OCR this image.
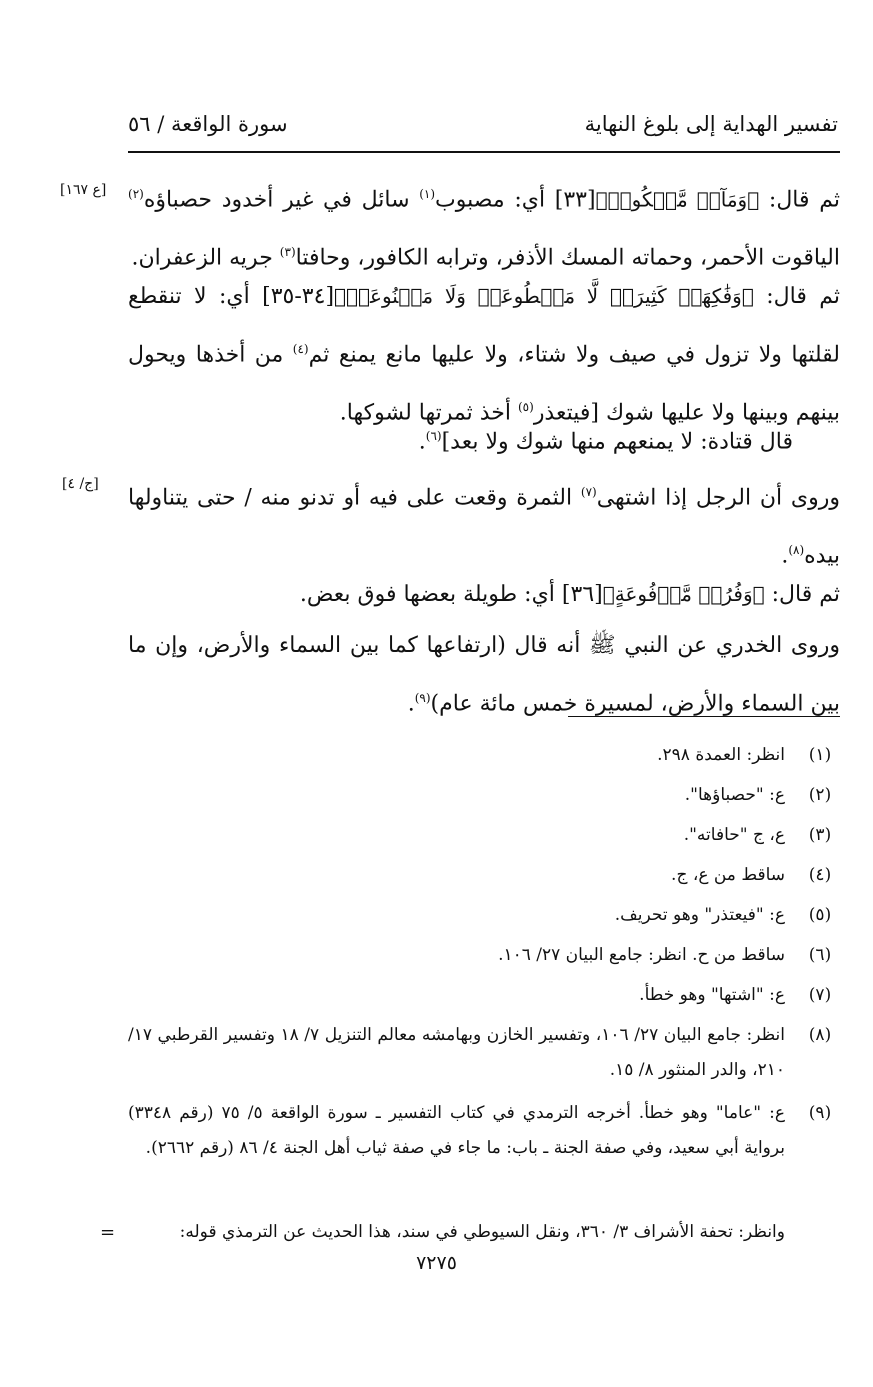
تفسير الهداية إلى بلوغ النهاية
سورة الواقعة / ٥٦
[ع ١٦٧]
[ج/ ٤]
ثم قال: ﴿وَمَآءٖ مَّسۡكُوبٖ﴾[٣٣] أي: مصبوب$^{(١)}$ سائل في غير أخدود حصباؤه$^{(٢)}$ الياقوت الأحمر، وحماته المسك الأذفر، وترابه الكافور، وحافتا$^{(٣)}$ جريه الزعفران.
ثم قال: ﴿وَفَٰكِهَةٖ كَثِيرَةٖ لَّا مَقۡطُوعَةٖ وَلَا مَمۡنُوعَةٖ﴾[٣٤-٣٥] أي: لا تنقطع لقلتها ولا تزول في صيف ولا شتاء، ولا عليها مانع يمنع ثم$^{(٤)}$ من أخذها ويحول بينهم وبينها ولا عليها شوك [فيتعذر$^{(٥)}$ أخذ ثمرتها لشوكها.
قال قتادة: لا يمنعهم منها شوك ولا بعد]$^{(٦)}$.
وروى أن الرجل إذا اشتهى$^{(٧)}$ الثمرة وقعت على فيه أو تدنو منه / حتى يتناولها بيده$^{(٨)}$.
ثم قال: ﴿وَفُرُشٖ مَّرۡفُوعَةٍ﴾[٣٦] أي: طويلة بعضها فوق بعض.
وروى الخدري عن النبي ﷺ أنه قال (ارتفاعها كما بين السماء والأرض، وإن ما بين السماء والأرض، لمسيرة خمس مائة عام)$^{(٩)}$.
(١)
انظر: العمدة ٢٩٨.
(٢)
ع: "حصباؤها".
(٣)
ع، ج "حافاته".
(٤)
ساقط من ع، ج.
(٥)
ع: "فيعتذر" وهو تحريف.
(٦)
ساقط من ح. انظر: جامع البيان ٢٧/ ١٠٦.
(٧)
ع: "اشتها" وهو خطأ.
(٨)
انظر: جامع البيان ٢٧/ ١٠٦، وتفسير الخازن وبهامشه معالم التنزيل ٧/ ١٨ وتفسير القرطبي ١٧/ ٢١٠، والدر المنثور ٨/ ١٥.
(٩)
ع: "عاما" وهو خطأ. أخرجه الترمدي في كتاب التفسير ـ سورة الواقعة ٥/ ٧٥ (رقم ٣٣٤٨) برواية أبي سعيد، وفي صفة الجنة ـ باب: ما جاء في صفة ثياب أهل الجنة ٤/ ٨٦ (رقم ٢٦٦٢).
وانظر: تحفة الأشراف ٣/ ٣٦٠، ونقل السيوطي في سند، هذا الحديث عن الترمذي قوله:
=
٧٢٧٥
